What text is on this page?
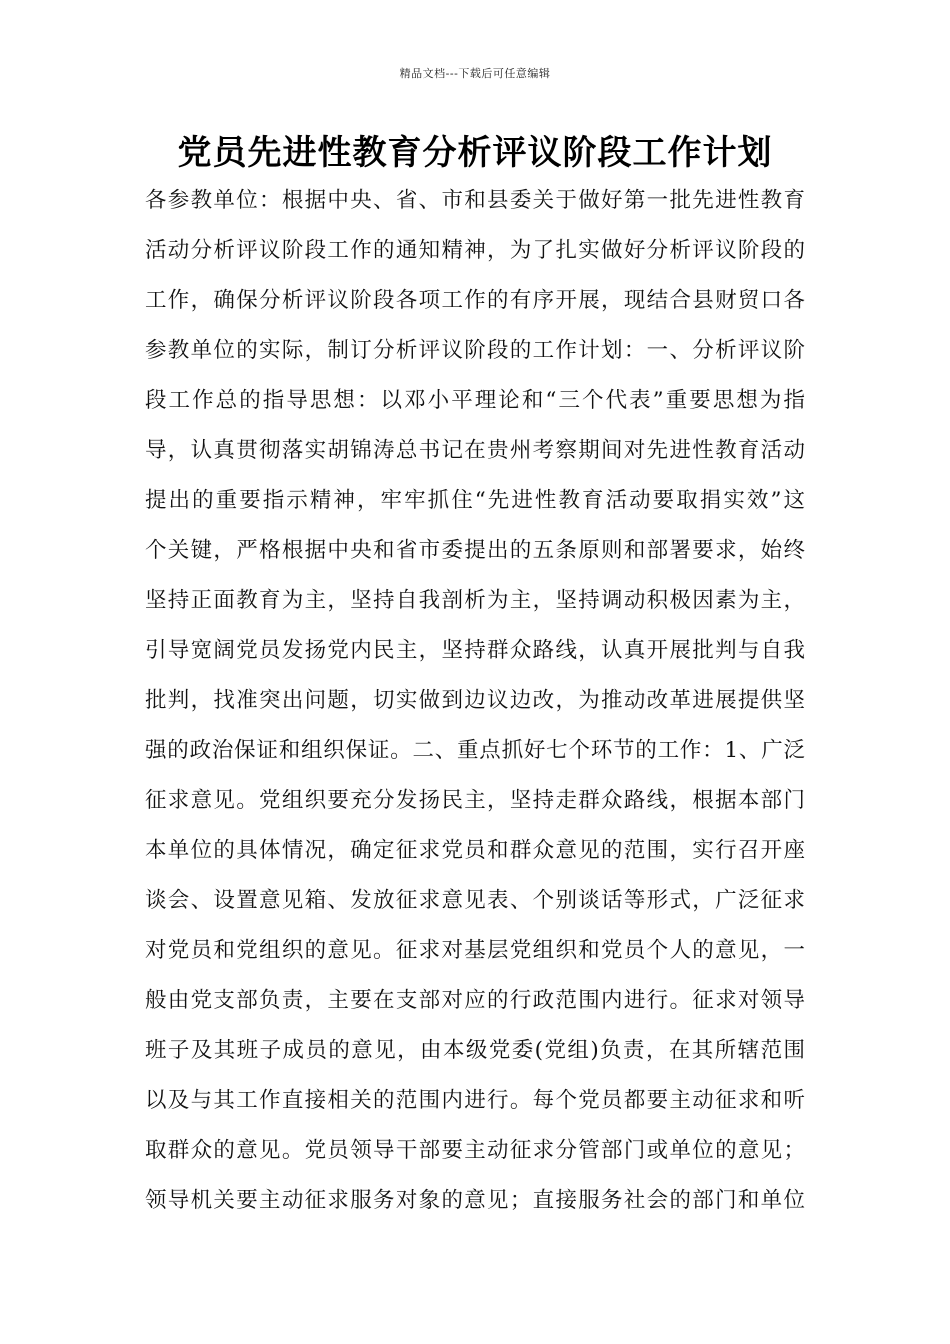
精品文档---下载后可任意编辑
党员先进性教育分析评议阶段工作计划
各参教单位：根据中央、省、市和县委关于做好第一批先进性教育
活动分析评议阶段工作的通知精神，为了扎实做好分析评议阶段的
工作，确保分析评议阶段各项工作的有序开展，现结合县财贸口各
参教单位的实际，制订分析评议阶段的工作计划：一、分析评议阶
段工作总的指导思想：以邓小平理论和“三个代表”重要思想为指
导，认真贯彻落实胡锦涛总书记在贵州考察期间对先进性教育活动
提出的重要指示精神，牢牢抓住“先进性教育活动要取捐实效”这
个关键，严格根据中央和省市委提出的五条原则和部署要求，始终
坚持正面教育为主，坚持自我剖析为主，坚持调动积极因素为主，
引导宽阔党员发扬党内民主，坚持群众路线，认真开展批判与自我
批判，找准突出问题，切实做到边议边改，为推动改革进展提供坚
强的政治保证和组织保证。二、重点抓好七个环节的工作：1、广泛
征求意见。党组织要充分发扬民主，坚持走群众路线，根据本部门
本单位的具体情况，确定征求党员和群众意见的范围，实行召开座
谈会、设置意见箱、发放征求意见表、个别谈话等形式，广泛征求
对党员和党组织的意见。征求对基层党组织和党员个人的意见，一
般由党支部负责，主要在支部对应的行政范围内进行。征求对领导
班子及其班子成员的意见，由本级党委(党组)负责，在其所辖范围
以及与其工作直接相关的范围内进行。每个党员都要主动征求和听
取群众的意见。党员领导干部要主动征求分管部门或单位的意见；
领导机关要主动征求服务对象的意见；直接服务社会的部门和单位
